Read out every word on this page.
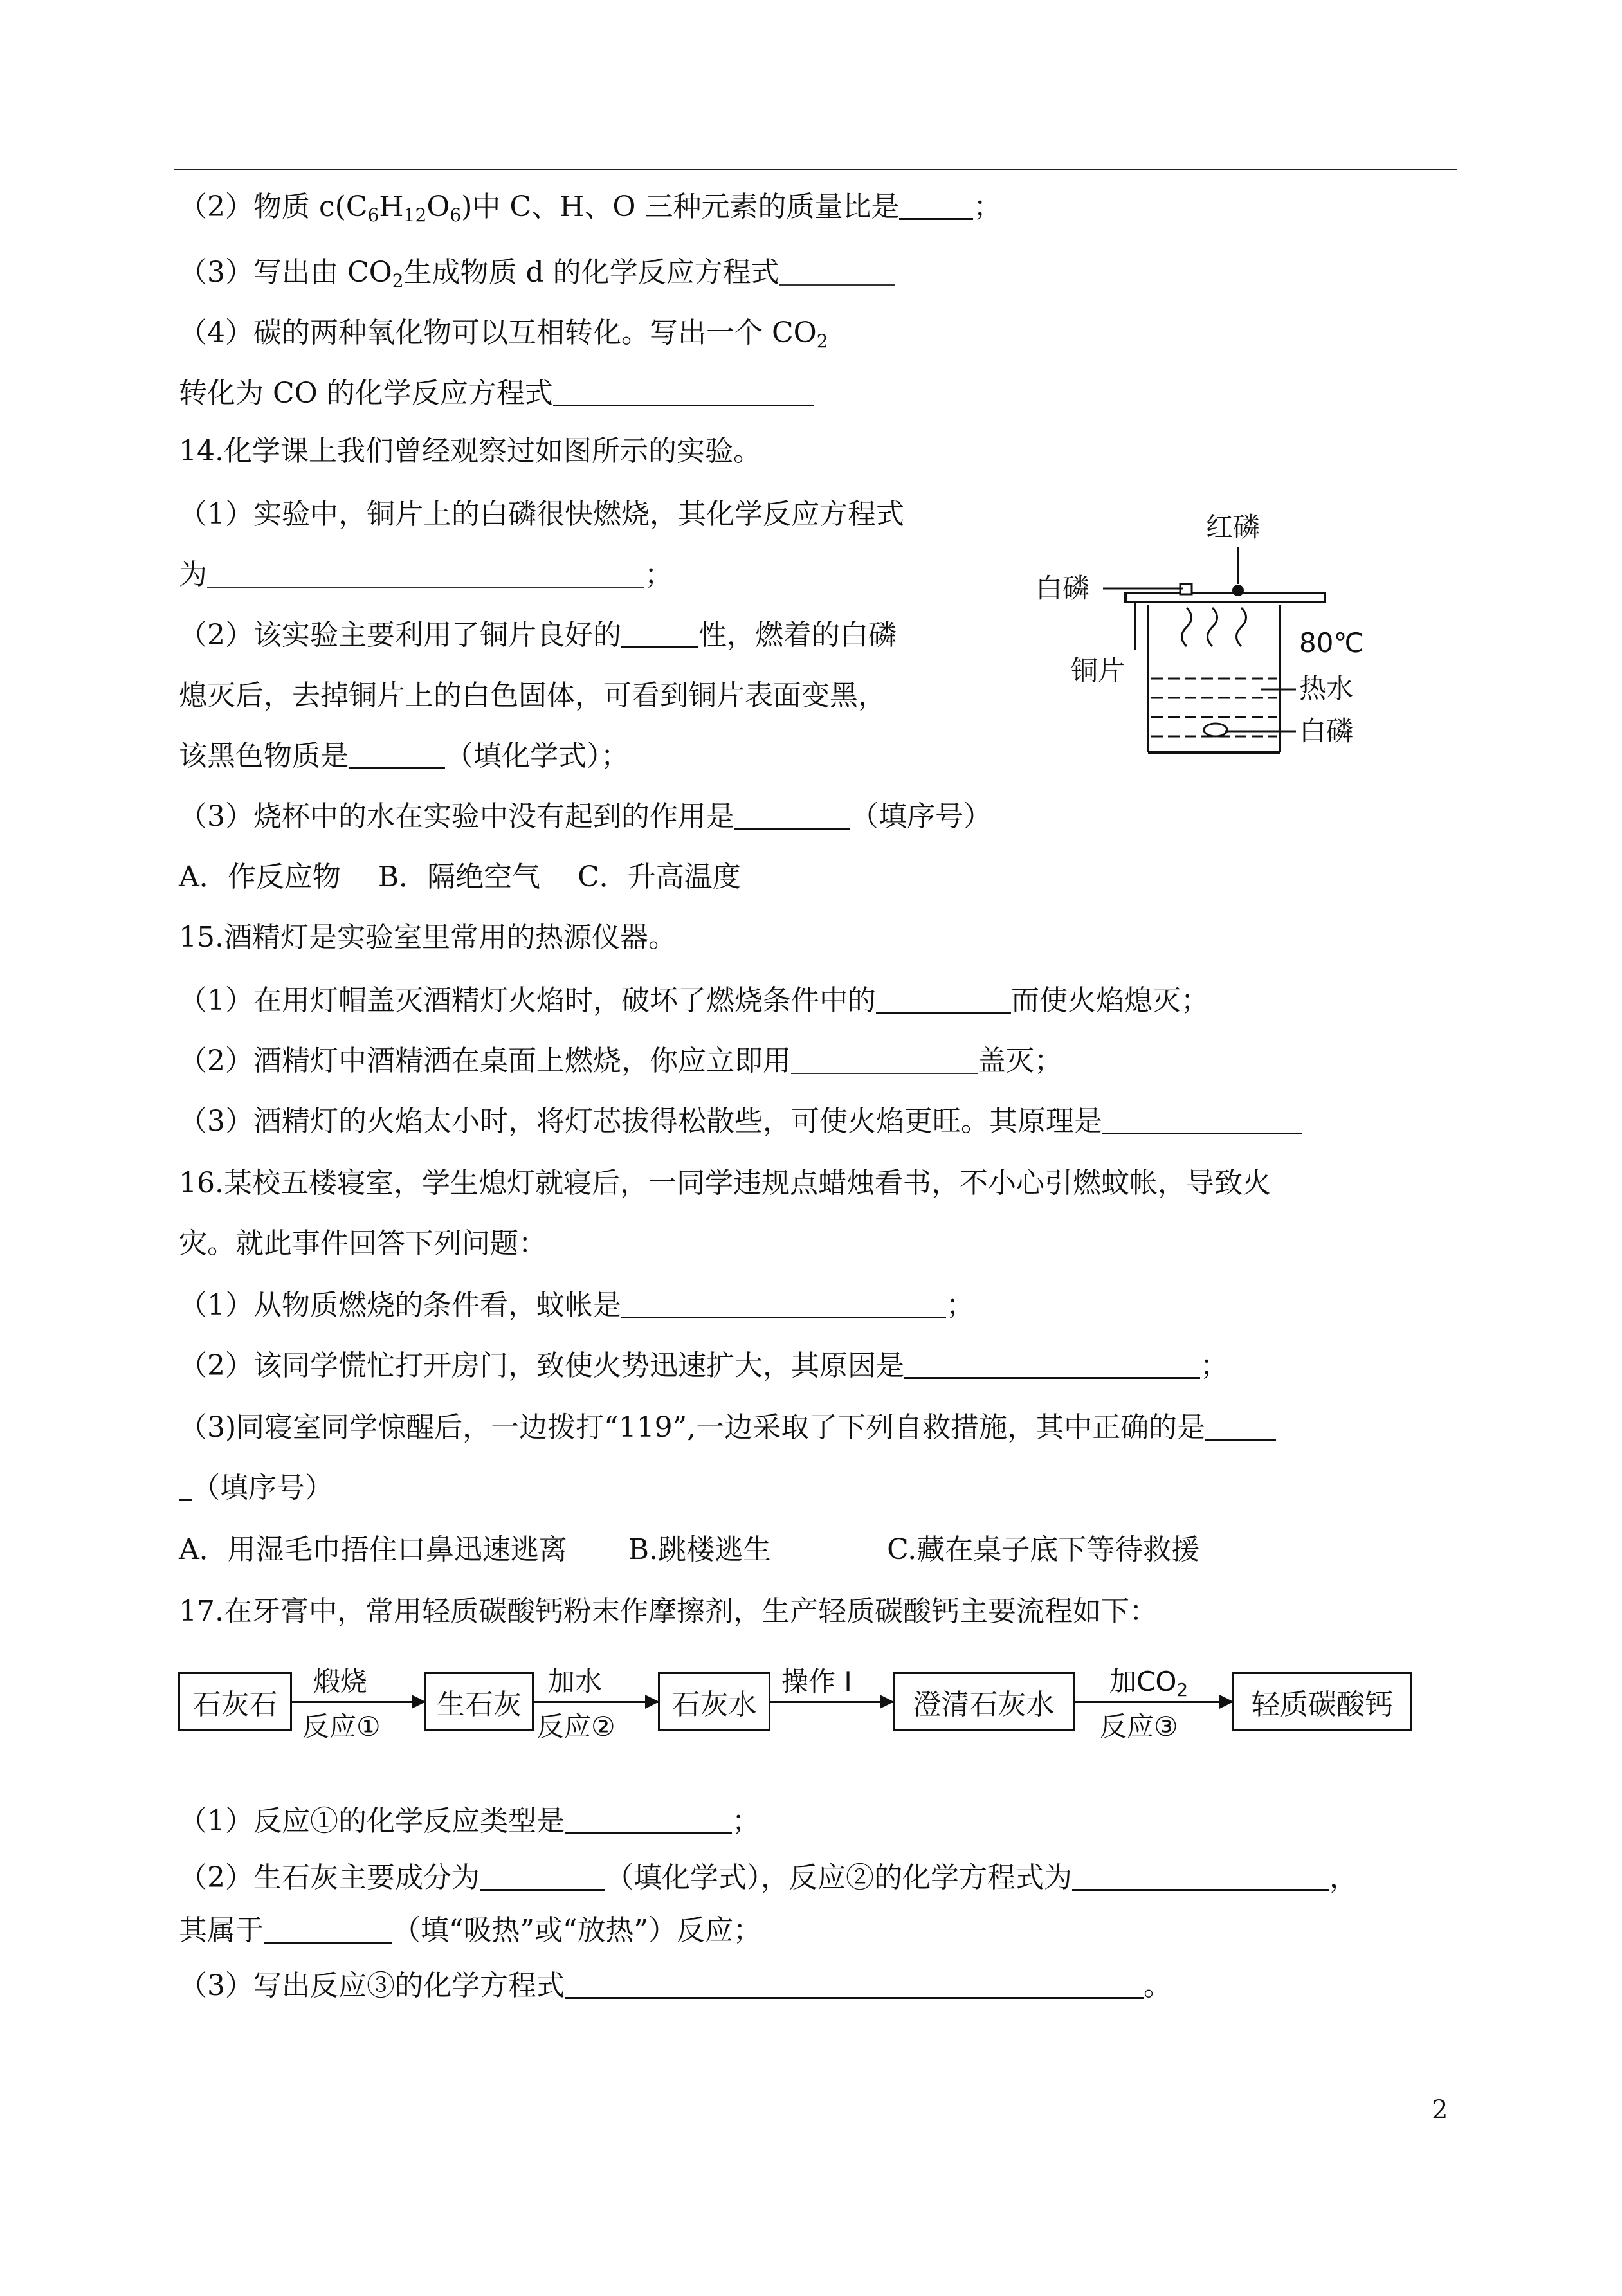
（2）物质 $c(C_6H_{12}O_6)$中 C、H、O 三种元素的质量比是	；
（3）写出由 $CO_2$生成物质 d 的化学反应方程式
（4）碳的两种氧化物可以互相转化。写出一个 $CO_2$
转化为 CO 的化学反应方程式
14.化学课上我们曾经观察过如图所示的实验。
（1）实验中，铜片上的白磷很快燃烧，其化学反应方程式
为	；
（2）该实验主要利用了铜片良好的	性，燃着的白磷
熄灭后，去掉铜片上的白色固体，可看到铜片表面变黑，
该黑色物质是	（填化学式）；
（3）烧杯中的水在实验中没有起到的作用是	（填序号）
A．作反应物　 B．隔绝空气　 C．升高温度
红磷
白磷
铜片
80℃
热水
白磷
15.酒精灯是实验室里常用的热源仪器。
（1）在用灯帽盖灭酒精灯火焰时，破坏了燃烧条件中的	而使火焰熄灭；
（2）酒精灯中酒精洒在桌面上燃烧，你应立即用	盖灭；
（3）酒精灯的火焰太小时，将灯芯拔得松散些，可使火焰更旺。其原理是
16.某校五楼寝室，学生熄灯就寝后，一同学违规点蜡烛看书，不小心引燃蚊帐，导致火
灾。就此事件回答下列问题：
（1）从物质燃烧的条件看，蚊帐是	；
（2）该同学慌忙打开房门，致使火势迅速扩大，其原因是	；
（3)同寝室同学惊醒后，一边拨打“119”,一边采取了下列自救措施，其中正确的是
（填序号）
A．用湿毛巾捂住口鼻迅速逃离 B.跳楼逃生	C.藏在桌子底下等待救援
17.在牙膏中，常用轻质碳酸钙粉末作摩擦剂，生产轻质碳酸钙主要流程如下：
石灰石
煅烧
反应①
生石灰
加水
反应②
石灰水
操作 I
澄清石灰水
加$CO_2$
反应③
轻质碳酸钙
（1）反应①的化学反应类型是	；
（2）生石灰主要成分为	（填化学式），反应②的化学方程式为	，
其属于	（填“吸热”或“放热”）反应；
（3）写出反应③的化学方程式	。
2
